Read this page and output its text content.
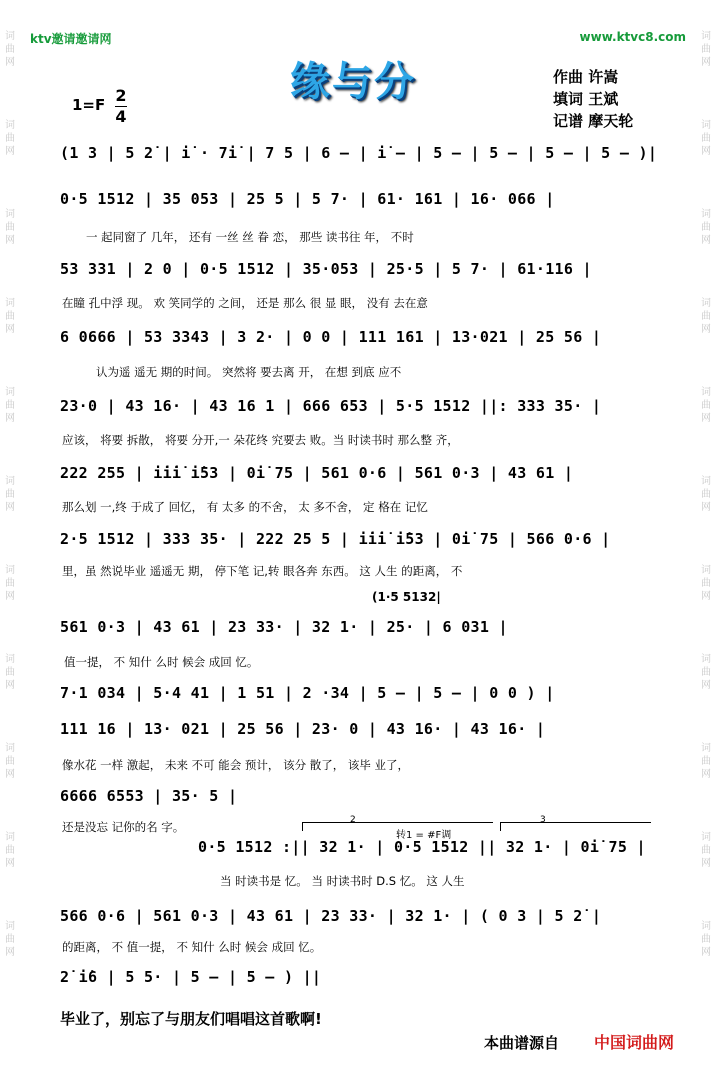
词
曲
网
词
曲
网
词
曲
网
词
曲
网
词
曲
网
词
曲
网
词
曲
网
词
曲
网
词
曲
网
词
曲
网
词
曲
网
词
曲
网
词
曲
网
词
曲
网
词
曲
网
词
曲
网
词
曲
网
词
曲
网
词
曲
网
词
曲
网
词
曲
网
词
曲
网
ktv邀请邀请网	www.ktvc8.com
缘与分
1=F 2
4
作曲 许嵩
填词 王斌
记谱 摩天轮
(1 3 | 5 2̇ | i̇ · 7i̇ | 7 5 | 6 – | i̇ – | 5 – | 5 – | 5 – | 5 – )|
0·5 1512 | 35 053 | 25 5 | 5 7· | 61· 161 | 16· 066 |
一 起同窗了 几年， 还有 一丝 丝 眷 恋， 那些 读书往 年， 不时
53 331 | 2 0 | 0·5 1512 | 35·053 | 25·5 | 5 7· | 61·116 |
在瞳 孔中浮 现。 欢 笑同学的 之间， 还是 那么 很 显 眼， 没有 去在意
6 0666 | 53 3343 | 3 2· | 0 0 | 111 161 | 13·021 | 25 56 |
认为遥 遥无 期的时间。 突然将 要去离 开， 在想 到底 应不
23·0 | 43 16· | 43 16 1 | 666 653 | 5·5 1512 ||: 333 35· |
应该， 将要 拆散， 将要 分开,一 朵花终 究要去 败。当 时读书时 那么整 齐，
222 255 | i̇i̇i̇ i̇53 | 0i̇ 75 | 561 0·6 | 561 0·3 | 43 61 |
那么划 一,终 于成了 回忆， 有 太多 的不舍， 太 多不舍， 定 格在 记忆
2·5 1512 | 333 35· | 222 25 5 | i̇i̇i̇ i̇53 | 0i̇ 75 | 566 0·6 |
里，虽 然说毕业 遥遥无 期， 停下笔 记,转 眼各奔 东西。 这 人生 的距离， 不
(1·5 5132|
561 0·3 | 43 61 | 23 33· | 32 1· | 25· | 6 031 |
值一提， 不 知什 么时 候会 成回 忆。
7·1 034 | 5·4 41 | 1 51 | 2 ·34 | 5 – | 5 – | 0 0 ) |
111 16 | 13· 021 | 25 56 | 23· 0 | 43 16· | 43 16· |
像水花 一样 激起， 未来 不可 能会 预计， 该分 散了， 该毕 业了，
6666 6553 | 35· 5 |
还是没忘 记你的名 字。	2	3
转1 = #F调
0·5 1512 :|| 32 1· | 0·5 1512 || 32 1· | 0i̇ 75 |
当 时读书是 忆。 当 时读书时 D.S 忆。 这 人生
566 0·6 | 561 0·3 | 43 61 | 23 33· | 32 1· | ( 0 3 | 5 2̇ |
的距离， 不 值一提， 不 知什 么时 候会 成回 忆。
2̇ i̇6 | 5 5· | 5 – | 5 – ) ||
毕业了，别忘了与朋友们唱唱这首歌啊!
本曲谱源自 中国词曲网
